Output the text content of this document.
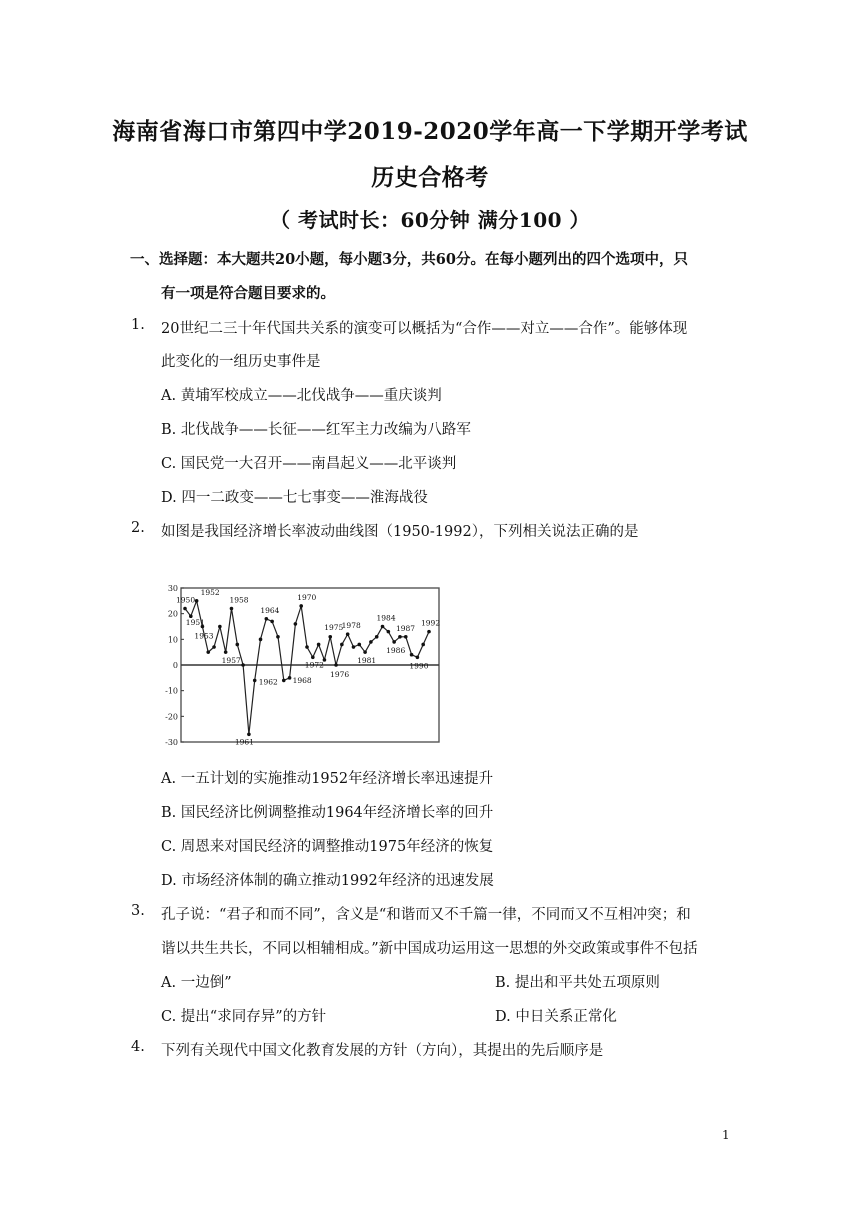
海南省海口市第四中学2019-2020学年高一下学期开学考试
历史合格考
（ 考试时长：60分钟 满分100 ）
一、选择题：本大题共20小题，每小题3分，共60分。在每小题列出的四个选项中，只
有一项是符合题目要求的。
1. 20世纪二三十年代国共关系的演变可以概括为“合作——对立——合作”。能够体现
此变化的一组历史事件是
A. 黄埔军校成立——北伐战争——重庆谈判
B. 北伐战争——长征——红军主力改编为八路军
C. 国民党一大召开——南昌起义——北平谈判
D. 四一二政变——七七事变——淮海战役
2. 如图是我国经济增长率波动曲线图（1950-1992），下列相关说法正确的是
30
20
10
0
-10
-20
-30
1950
1951
1952
1953
1957
1958
1961
1962
1964
1968
1970
1972
1975
1976
1978
1981
1984
1986
1987
1990
1992
A. 一五计划的实施推动1952年经济增长率迅速提升
B. 国民经济比例调整推动1964年经济增长率的回升
C. 周恩来对国民经济的调整推动1975年经济的恢复
D. 市场经济体制的确立推动1992年经济的迅速发展
3. 孔子说：“君子和而不同”，含义是“和谐而又不千篇一律，不同而又不互相冲突；和
谐以共生共长，不同以相辅相成。”新中国成功运用这一思想的外交政策或事件不包括
A. 一边倒”	B. 提出和平共处五项原则
C. 提出“求同存异”的方针	D. 中日关系正常化
4. 下列有关现代中国文化教育发展的方针（方向），其提出的先后顺序是
1
